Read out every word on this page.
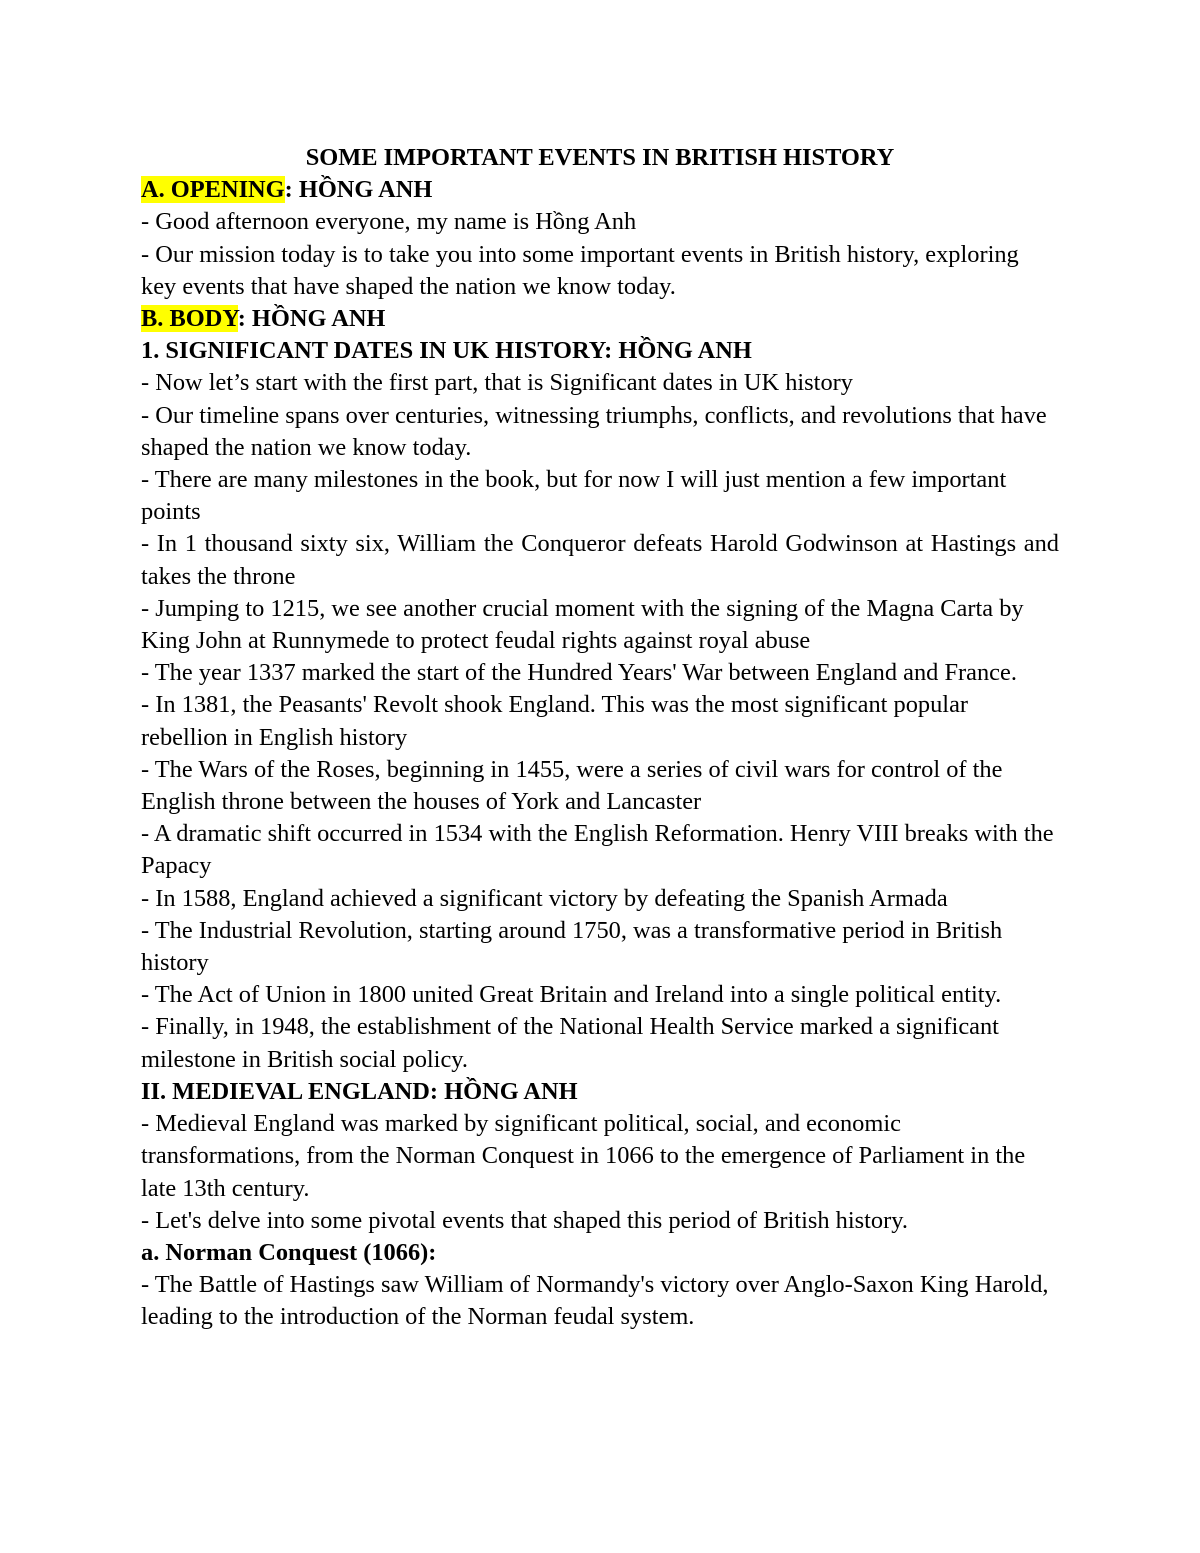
SOME IMPORTANT EVENTS IN BRITISH HISTORY

A. OPENING: HỒNG ANH

- Good afternoon everyone, my name is Hồng Anh

- Our mission today is to take you into some important events in British history, exploring key events that have shaped the nation we know today.

B. BODY: HỒNG ANH

1. SIGNIFICANT DATES IN UK HISTORY: HỒNG ANH

- Now let’s start with the first part, that is Significant dates in UK history

- Our timeline spans over centuries, witnessing triumphs, conflicts, and revolutions that have shaped the nation we know today.

- There are many milestones in the book, but for now I will just mention a few important points

- In 1 thousand sixty six, William the Conqueror defeats Harold Godwinson at Hastings and takes the throne

- Jumping to 1215, we see another crucial moment with the signing of the Magna Carta by King John at Runnymede to protect feudal rights against royal abuse

- The year 1337 marked the start of the Hundred Years' War between England and France.

- In 1381, the Peasants' Revolt shook England. This was the most significant popular rebellion in English history

- The Wars of the Roses, beginning in 1455, were a series of civil wars for control of the English throne between the houses of York and Lancaster

- A dramatic shift occurred in 1534 with the English Reformation. Henry VIII breaks with the Papacy

- In 1588, England achieved a significant victory by defeating the Spanish Armada

- The Industrial Revolution, starting around 1750, was a transformative period in British history

- The Act of Union in 1800 united Great Britain and Ireland into a single political entity.

- Finally, in 1948, the establishment of the National Health Service marked a significant milestone in British social policy.

II. MEDIEVAL ENGLAND: HỒNG ANH

- Medieval England was marked by significant political, social, and economic transformations, from the Norman Conquest in 1066 to the emergence of Parliament in the late 13th century.

- Let's delve into some pivotal events that shaped this period of British history.

a. Norman Conquest (1066):

- The Battle of Hastings saw William of Normandy's victory over Anglo-Saxon King Harold, leading to the introduction of the Norman feudal system.
